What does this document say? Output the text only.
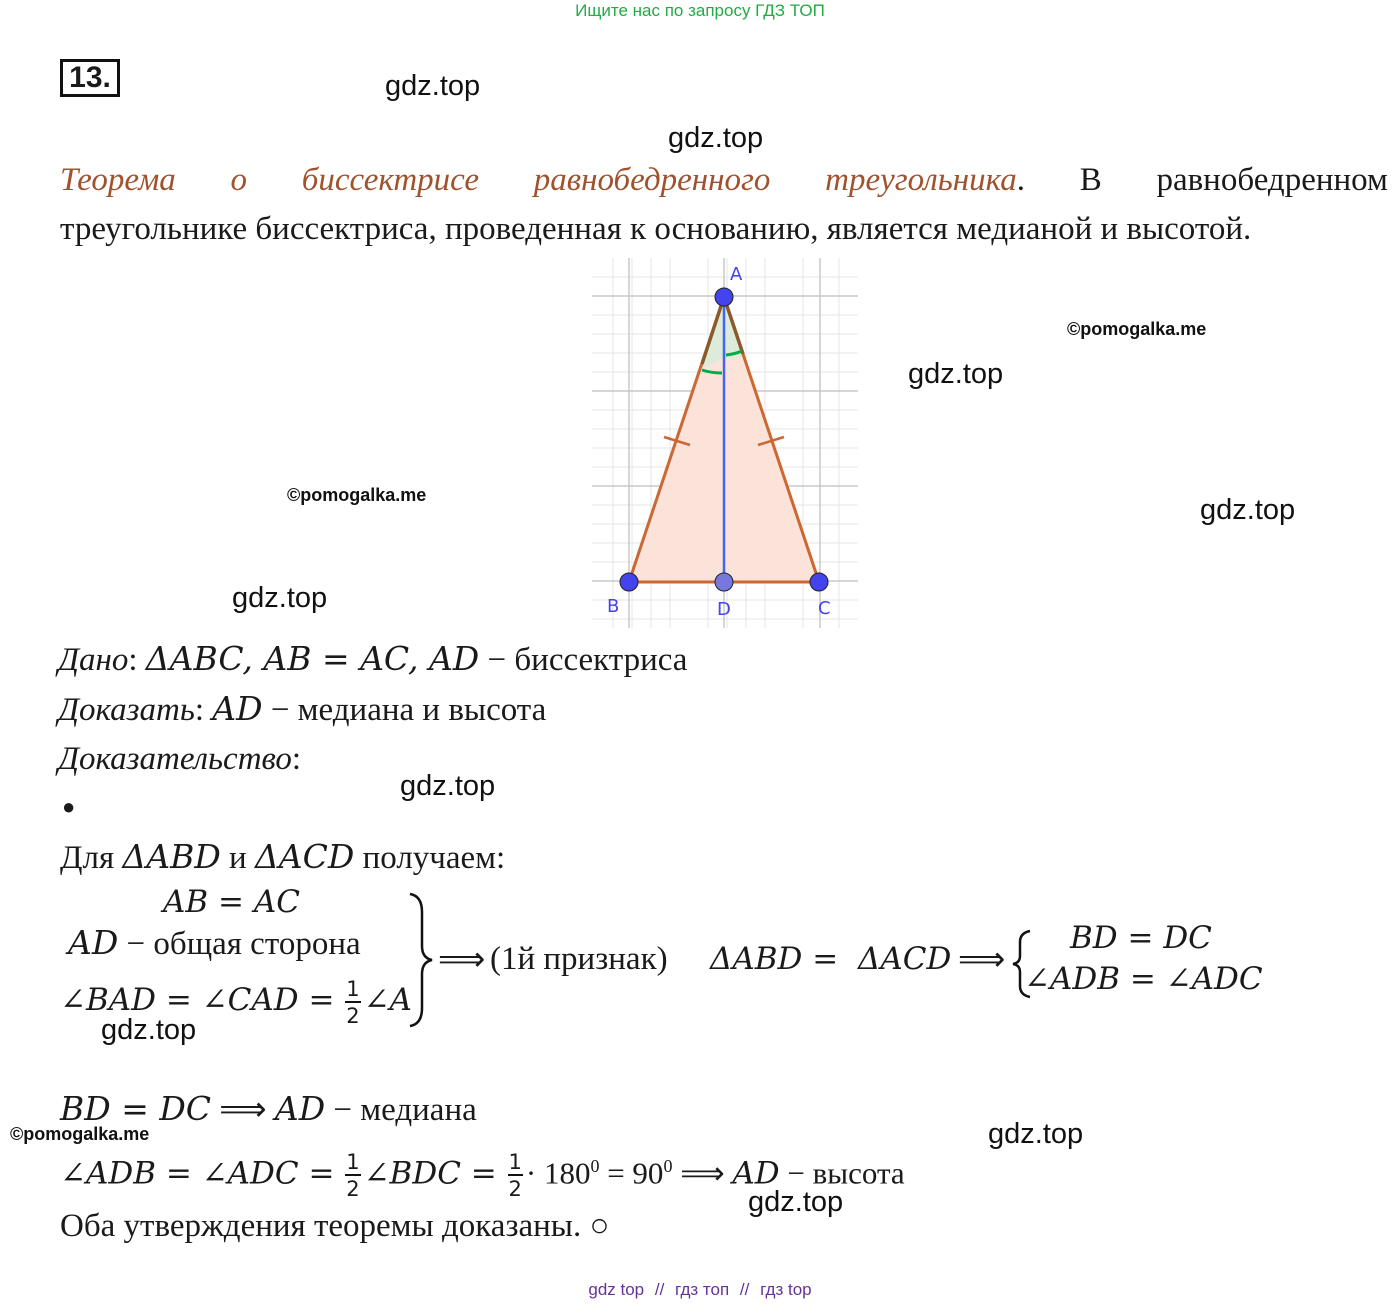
Ищите нас по запросу ГДЗ ТОП
13.	gdz.top
gdz.top
gdz.top
gdz.top
gdz.top
gdz.top
gdz.top
gdz.top
gdz.top
©pomogalka.me
©pomogalka.me
©pomogalka.me
Теорема о биссектрисе равнобедренного треугольника. В равнобедренном
треугольнике биссектриса, проведенная к основанию, является медианой и высотой.
A
B	D	C
Дано: ΔABC, AB = AC, AD − биссектриса
Доказать: AD − медиана и высота
Доказательство:
●
Для ΔABD и ΔACD получаем:
AB = AC
AD − общая сторона
∠BAD = ∠CAD = $\frac{1}{2}$ ∠A
⟹ (1й признак) ΔABD =  ΔACD ⟹
BD = DC
∠ADB = ∠ADC
BD = DC ⟹ AD − медиана
∠ADB = ∠ADC = $\frac{1}{2}$ ∠BDC = $\frac{1}{2} \cdot 180^0 = 90^0$ ⟹ AD − высота
Оба утверждения теоремы доказаны. ○
gdz top // гдз топ // гдз top
